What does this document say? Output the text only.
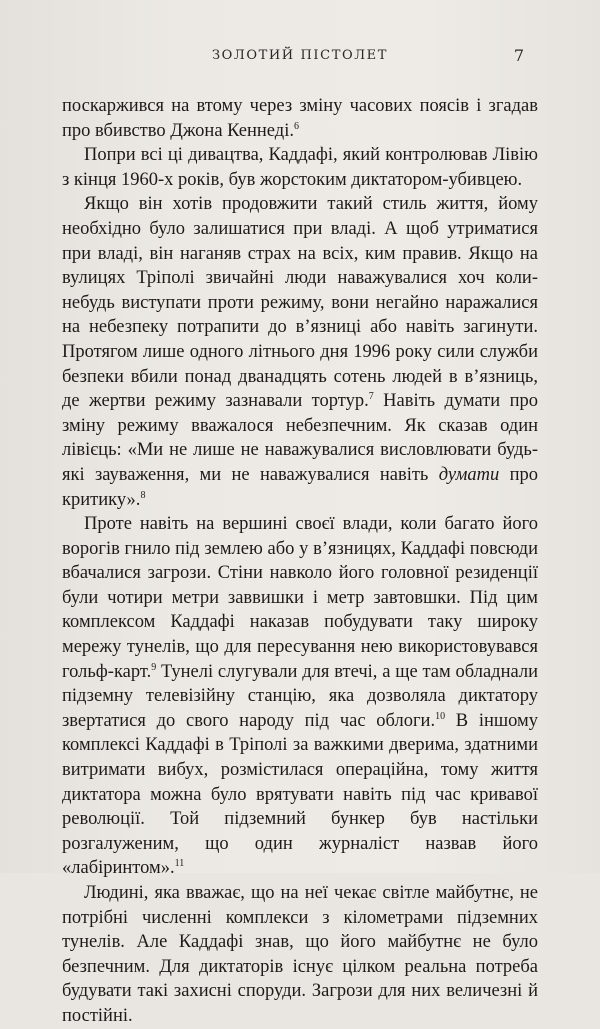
ЗОЛОТИЙ ПІСТОЛЕТ	7

поскаржився на втому через зміну часових поясів і згадав про вбивство Джона Кеннеді.$^6$

Попри всі ці дивацтва, Каддафі, який контролював Лівію з кінця 1960-х років, був жорстоким диктатором-убивцею.

Якщо він хотів продовжити такий стиль життя, йому необхідно було залишатися при владі. А щоб утриматися при владі, він наганяв страх на всіх, ким правив. Якщо на вулицях Тріполі звичайні люди наважувалися хоч коли-небудь виступати проти режиму, вони негайно наражалися на небезпеку потрапити до в’язниці або навіть загинути. Протягом лише одного літнього дня 1996 року сили служби безпеки вбили понад дванадцять сотень людей в в’язниць, де жертви режиму зазнавали тортур.$^7$ Навіть думати про зміну режиму вважалося небезпечним. Як сказав один лівієць: «Ми не лише не наважувалися висловлювати будь-які зауваження, ми не наважувалися навіть думати про критику».$^8$

Проте навіть на вершині своєї влади, коли багато його ворогів гнило під землею або у в’язницях, Каддафі повсюди вбачалися загрози. Стіни навколо його головної резиденції були чотири метри заввишки і метр завтовшки. Під цим комплексом Каддафі наказав побудувати таку широку мережу тунелів, що для пересування нею використовувався гольф-карт.$^9$ Тунелі слугували для втечі, а ще там обладнали підземну телевізійну станцію, яка дозволяла диктатору звертатися до свого народу під час облоги.$^{10}$ В іншому комплексі Каддафі в Тріполі за важкими дверима, здатними витримати вибух, розмістилася операційна, тому життя диктатора можна було врятувати навіть під час кривавої революції. Той підземний бункер був настільки розгалуженим, що один журналіст назвав його «лабіринтом».$^{11}$

Людині, яка вважає, що на неї чекає світле майбутнє, не потрібні численні комплекси з кілометрами підземних тунелів. Але Каддафі знав, що його майбутнє не було безпечним. Для диктаторів існує цілком реальна потреба будувати такі захисні споруди. Загрози для них величезні й постійні.
